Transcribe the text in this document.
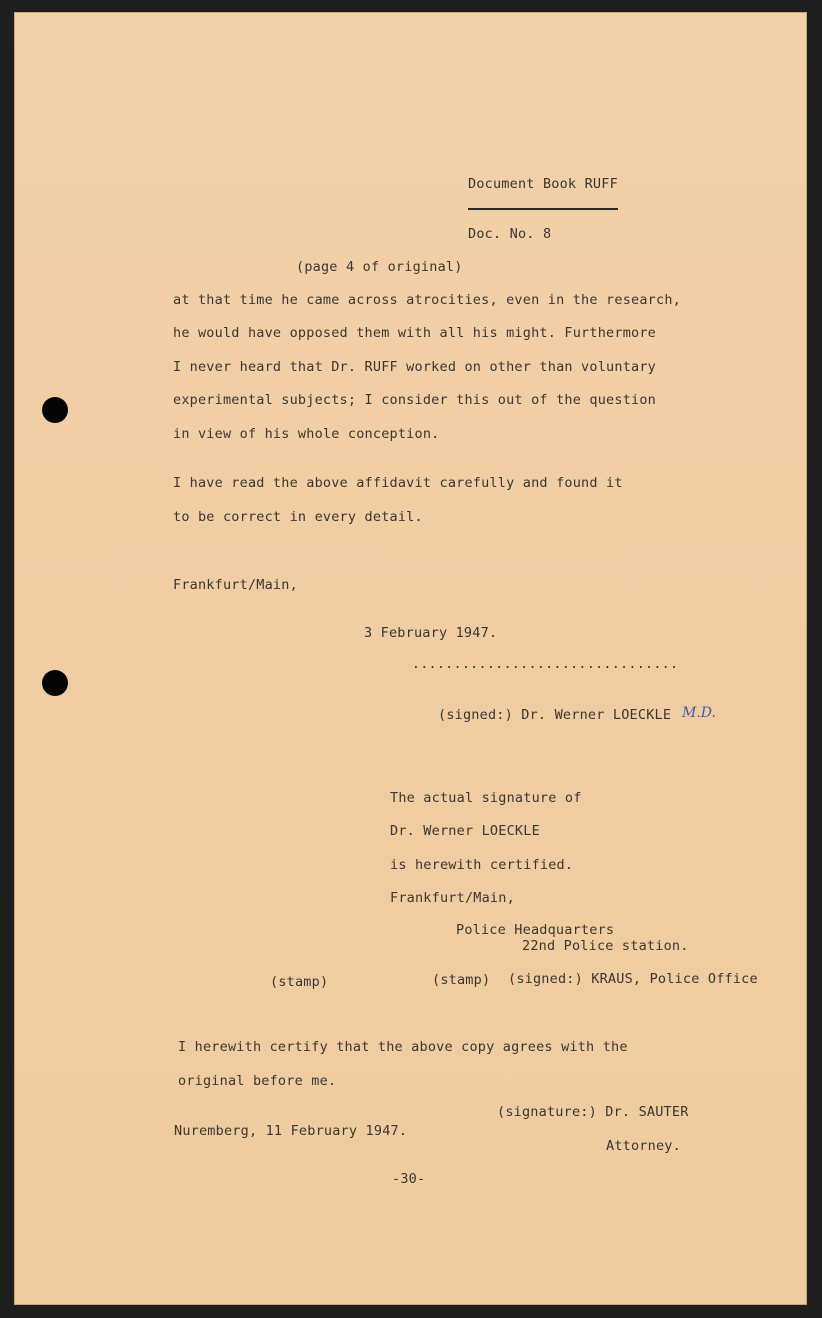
Document Book RUFF
Doc. No. 8
(page 4 of original)
at that time he came across atrocities, even in the research,
he would have opposed them with all his might. Furthermore
I never heard that Dr. RUFF worked on other than voluntary
experimental subjects; I consider this out of the question
in view of his whole conception.
I have read the above affidavit carefully and found it
to be correct in every detail.
Frankfurt/Main,
3 February 1947.
................................
(signed:) Dr. Werner LOECKLE M.D.
The actual signature of
Dr. Werner LOECKLE
is herewith certified.
Frankfurt/Main,
Police Headquarters
22nd Police station.
(stamp)	(stamp) (signed:) KRAUS, Police Office
I herewith certify that the above copy agrees with the
original before me.
(signature:) Dr. SAUTER
Nuremberg, 11 February 1947.
Attorney.
-30-
